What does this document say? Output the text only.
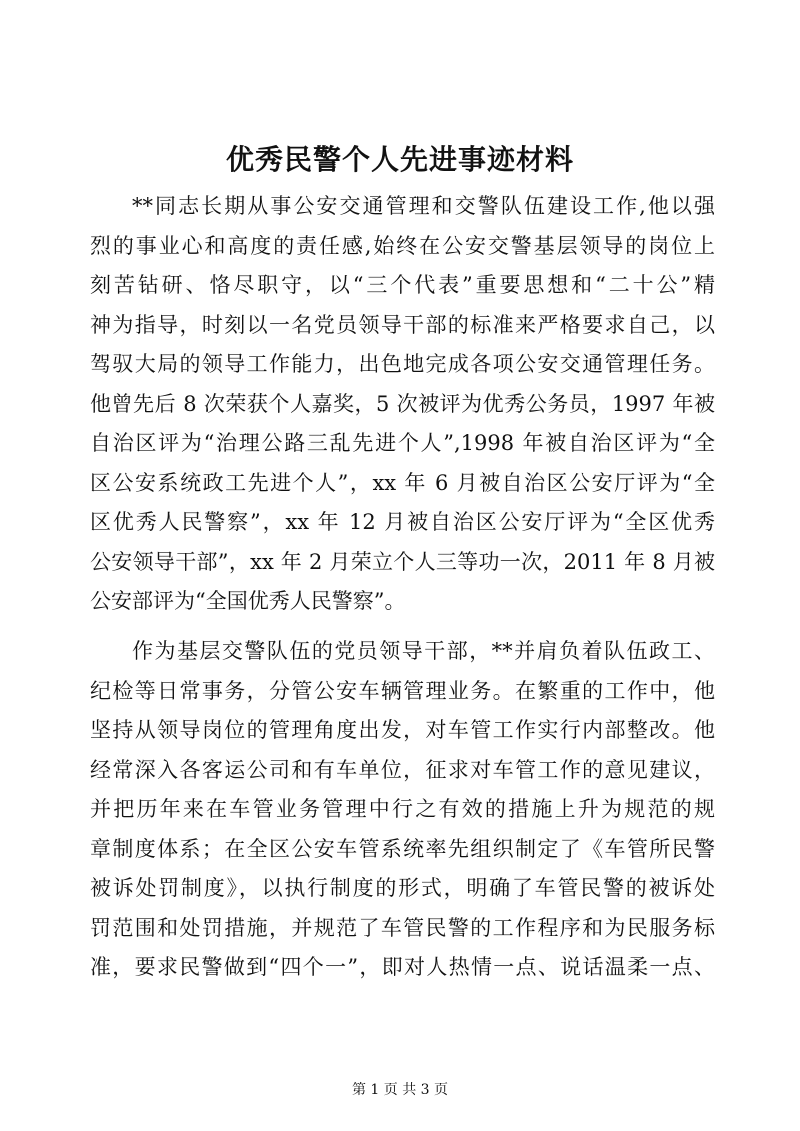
优秀民警个人先进事迹材料
**同志长期从事公安交通管理和交警队伍建设工作,他以强
烈的事业心和高度的责任感,始终在公安交警基层领导的岗位上
刻苦钻研、恪尽职守，以“三个代表”重要思想和“二十公”精
神为指导，时刻以一名党员领导干部的标准来严格要求自己，以
驾驭大局的领导工作能力，出色地完成各项公安交通管理任务。
他曾先后 8 次荣获个人嘉奖，5 次被评为优秀公务员，1997 年被
自治区评为“治理公路三乱先进个人”,1998 年被自治区评为“全
区公安系统政工先进个人”，xx 年 6 月被自治区公安厅评为“全
区优秀人民警察”，xx 年 12 月被自治区公安厅评为“全区优秀
公安领导干部”，xx 年 2 月荣立个人三等功一次，2011 年 8 月被
公安部评为“全国优秀人民警察”。
作为基层交警队伍的党员领导干部，**并肩负着队伍政工、
纪检等日常事务，分管公安车辆管理业务。在繁重的工作中，他
坚持从领导岗位的管理角度出发，对车管工作实行内部整改。他
经常深入各客运公司和有车单位，征求对车管工作的意见建议，
并把历年来在车管业务管理中行之有效的措施上升为规范的规
章制度体系；在全区公安车管系统率先组织制定了《车管所民警
被诉处罚制度》，以执行制度的形式，明确了车管民警的被诉处
罚范围和处罚措施，并规范了车管民警的工作程序和为民服务标
准，要求民警做到“四个一”，即对人热情一点、说话温柔一点、

第 1 页 共 3 页
